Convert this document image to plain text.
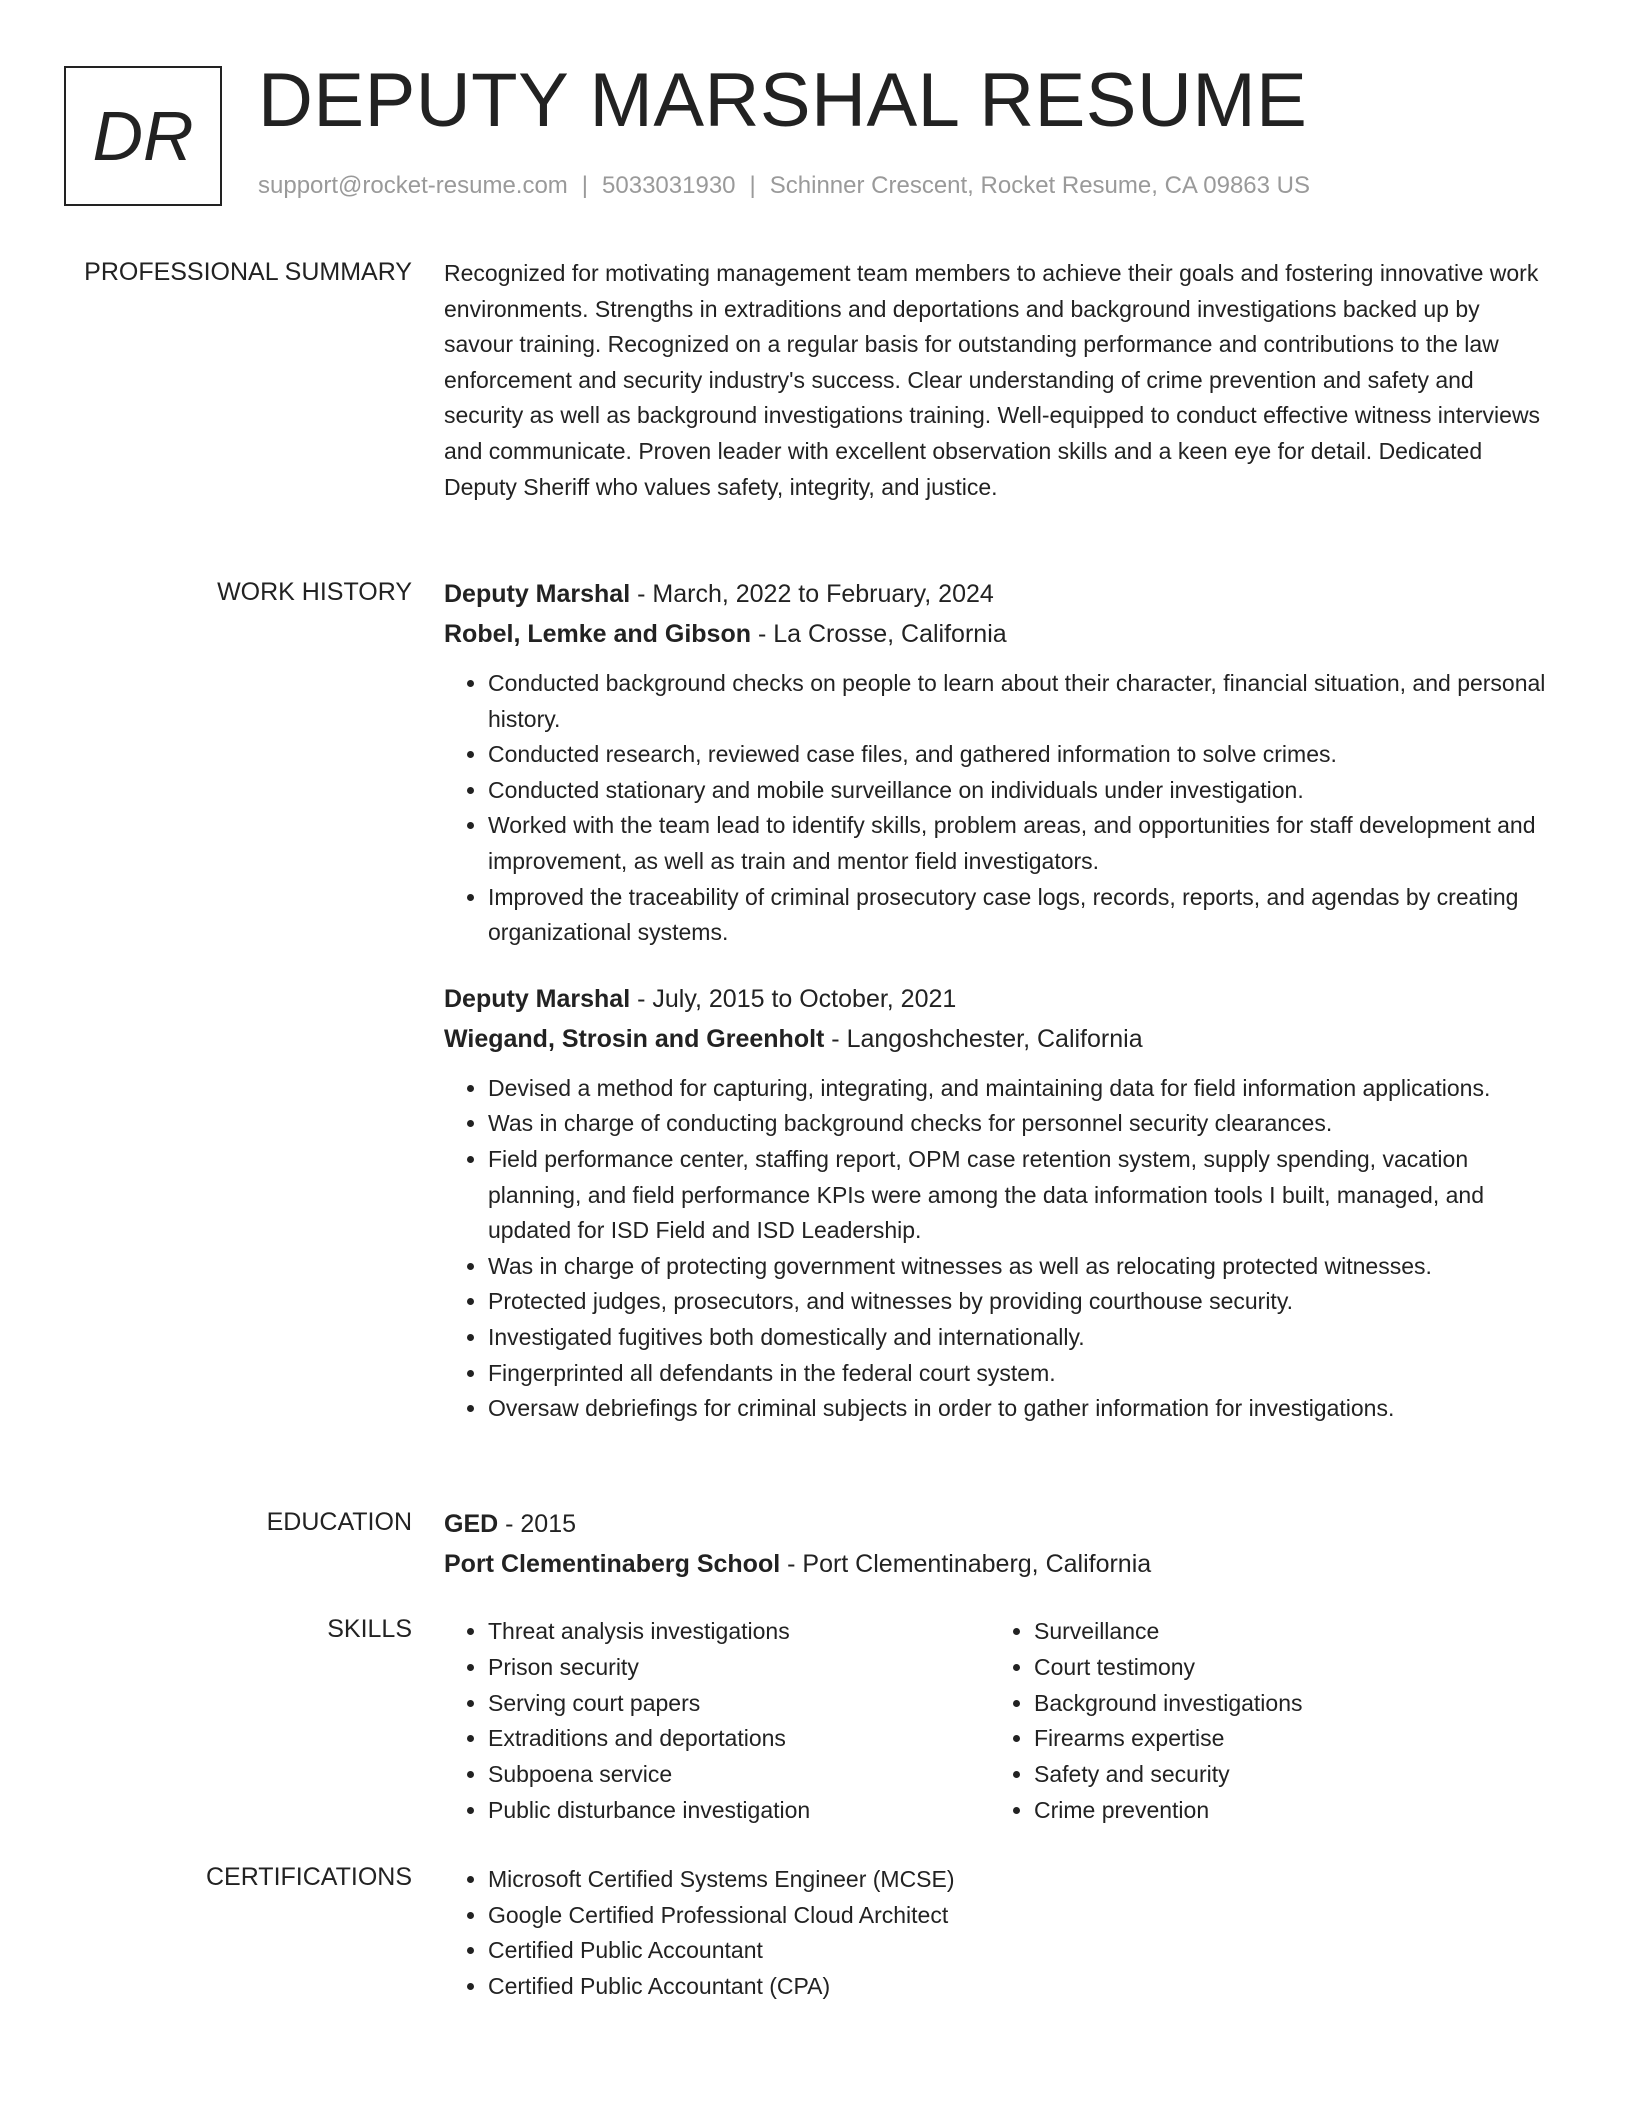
DR DEPUTY MARSHAL RESUME
support@rocket-resume.com | 5033031930 | Schinner Crescent, Rocket Resume, CA 09863 US
PROFESSIONAL SUMMARY Recognized for motivating management team members to achieve their goals and fostering innovative work environments. Strengths in extraditions and deportations and background investigations backed up by savour training. Recognized on a regular basis for outstanding performance and contributions to the law enforcement and security industry's success. Clear understanding of crime prevention and safety and security as well as background investigations training. Well-equipped to conduct effective witness interviews and communicate. Proven leader with excellent observation skills and a keen eye for detail. Dedicated Deputy Sheriff who values safety, integrity, and justice.

WORK HISTORY Deputy Marshal - March, 2022 to February, 2024
Robel, Lemke and Gibson - La Crosse, California
• Conducted background checks on people to learn about their character, financial situation, and personal history.
• Conducted research, reviewed case files, and gathered information to solve crimes.
• Conducted stationary and mobile surveillance on individuals under investigation.
• Worked with the team lead to identify skills, problem areas, and opportunities for staff development and improvement, as well as train and mentor field investigators.
• Improved the traceability of criminal prosecutory case logs, records, reports, and agendas by creating organizational systems.
Deputy Marshal - July, 2015 to October, 2021
Wiegand, Strosin and Greenholt - Langoshchester, California
• Devised a method for capturing, integrating, and maintaining data for field information applications.
• Was in charge of conducting background checks for personnel security clearances.
• Field performance center, staffing report, OPM case retention system, supply spending, vacation planning, and field performance KPIs were among the data information tools I built, managed, and updated for ISD Field and ISD Leadership.
• Was in charge of protecting government witnesses as well as relocating protected witnesses.
• Protected judges, prosecutors, and witnesses by providing courthouse security.
• Investigated fugitives both domestically and internationally.
• Fingerprinted all defendants in the federal court system.
• Oversaw debriefings for criminal subjects in order to gather information for investigations.
EDUCATION GED - 2015
Port Clementinaberg School - Port Clementinaberg, California
SKILLS	• Threat analysis investigations
• Prison security
• Serving court papers
• Extraditions and deportations
• Subpoena service
• Public disturbance investigation
• Surveillance
• Court testimony
• Background investigations
• Firearms expertise
• Safety and security
• Crime prevention
CERTIFICATIONS	• Microsoft Certified Systems Engineer (MCSE)
• Google Certified Professional Cloud Architect
• Certified Public Accountant
• Certified Public Accountant (CPA)
